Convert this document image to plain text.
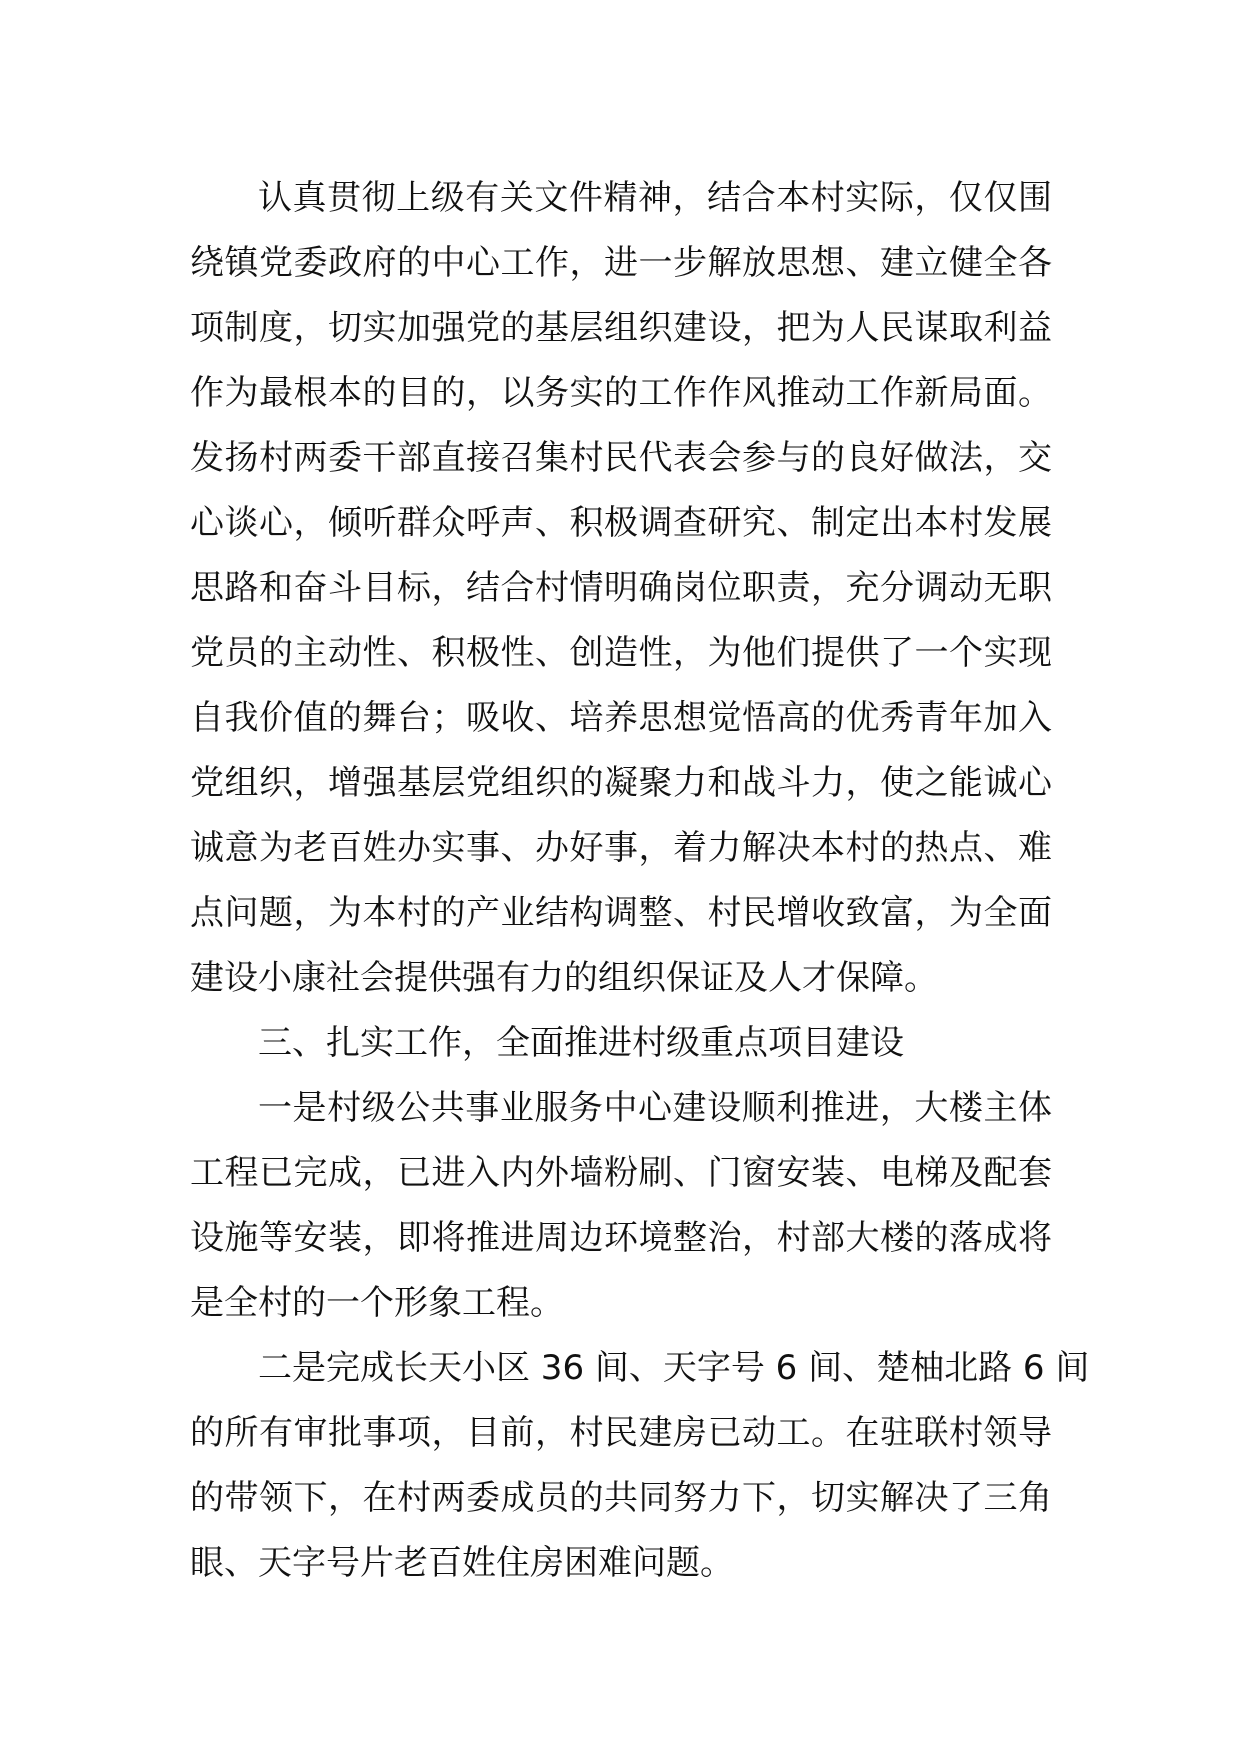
认真贯彻上级有关文件精神，结合本村实际，仅仅围
绕镇党委政府的中心工作，进一步解放思想、建立健全各
项制度，切实加强党的基层组织建设，把为人民谋取利益
作为最根本的目的，以务实的工作作风推动工作新局面。
发扬村两委干部直接召集村民代表会参与的良好做法，交
心谈心，倾听群众呼声、积极调查研究、制定出本村发展
思路和奋斗目标，结合村情明确岗位职责，充分调动无职
党员的主动性、积极性、创造性，为他们提供了一个实现
自我价值的舞台；吸收、培养思想觉悟高的优秀青年加入
党组织，增强基层党组织的凝聚力和战斗力，使之能诚心
诚意为老百姓办实事、办好事，着力解决本村的热点、难
点问题，为本村的产业结构调整、村民增收致富，为全面
建设小康社会提供强有力的组织保证及人才保障。
三、扎实工作，全面推进村级重点项目建设
一是村级公共事业服务中心建设顺利推进，大楼主体
工程已完成，已进入内外墙粉刷、门窗安装、电梯及配套
设施等安装，即将推进周边环境整治，村部大楼的落成将
是全村的一个形象工程。
二是完成长天小区 36 间、天字号 6 间、楚柚北路 6 间
的所有审批事项，目前，村民建房已动工。在驻联村领导
的带领下，在村两委成员的共同努力下，切实解决了三角
眼、天字号片老百姓住房困难问题。
